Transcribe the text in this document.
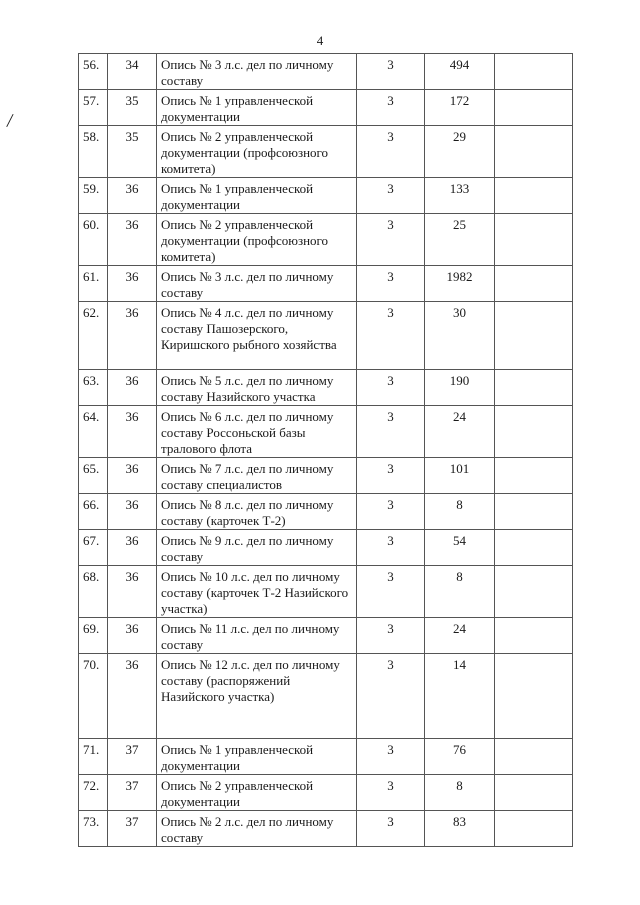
4
/
56.	34	Опись № 3 л.с. дел по личному составу	3	494	
57.	35	Опись № 1 управленческой документации	3	172	
58.	35	Опись № 2 управленческой документации (профсоюзного комитета)	3	29	
59.	36	Опись № 1 управленческой документации	3	133	
60.	36	Опись № 2 управленческой документации (профсоюзного комитета)	3	25	
61.	36	Опись № 3 л.с. дел по личному составу	3	1982	
62.	36	Опись № 4 л.с. дел по личному составу Пашозерского, Киришского рыбного хозяйства	3	30	
63.	36	Опись № 5 л.с. дел по личному составу Назийского участка	3	190	
64.	36	Опись № 6 л.с. дел по личному составу Россоньской базы тралового флота	3	24	
65.	36	Опись № 7 л.с. дел по личному составу специалистов	3	101	
66.	36	Опись № 8 л.с. дел по личному составу (карточек Т-2)	3	8	
67.	36	Опись № 9 л.с. дел по личному составу	3	54	
68.	36	Опись № 10 л.с. дел по личному составу (карточек Т-2 Назийского участка)	3	8	
69.	36	Опись № 11 л.с. дел по личному составу	3	24	
70.	36	Опись № 12 л.с. дел по личному составу (распоряжений Назийского участка)	3	14	
71.	37	Опись № 1 управленческой документации	3	76	
72.	37	Опись № 2 управленческой документации	3	8	
73.	37	Опись № 2 л.с. дел по личному составу	3	83	
